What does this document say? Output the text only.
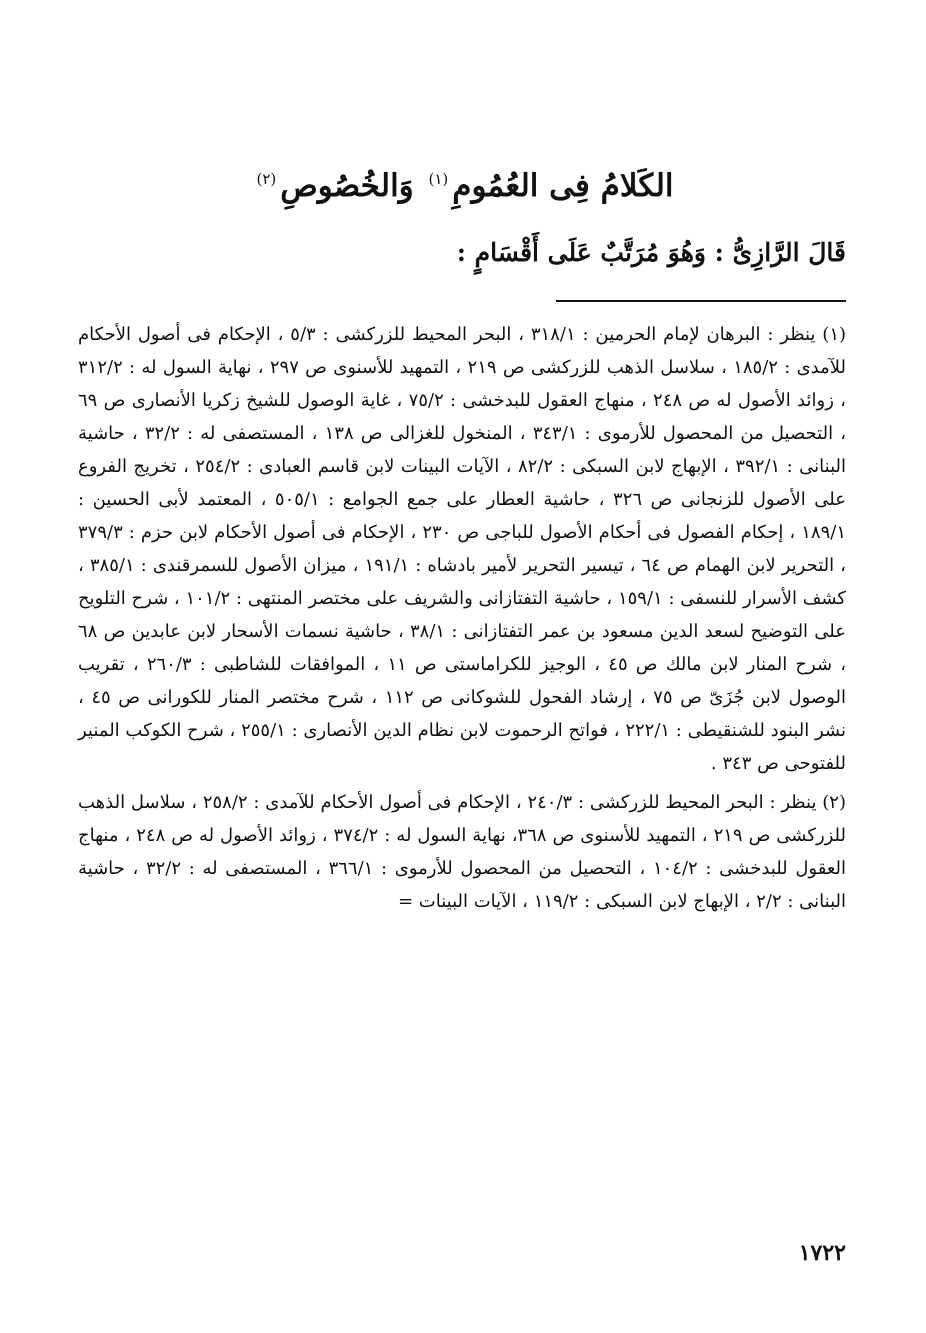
الكَلامُ فِى العُمُومِ$^{(١)}$ وَالخُصُوصِ$^{(٢)}$
قَالَ الرَّازِىُّ : وَهُوَ مُرَتَّبٌ عَلَى أَقْسَامٍ :

(١) ينظر : البرهان لإمام الحرمين : ٣١٨/١ ، البحر المحيط للزركشى : ٥/٣ ، الإحكام فى أصول الأحكام للآمدى : ١٨٥/٢ ، سلاسل الذهب للزركشى ص ٢١٩ ، التمهيد للأسنوى ص ٢٩٧ ، نهاية السول له : ٣١٢/٢ ، زوائد الأصول له ص ٢٤٨ ، منهاج العقول للبدخشى : ٧٥/٢ ، غاية الوصول للشيخ زكريا الأنصارى ص ٦٩ ، التحصيل من المحصول للأرموى : ٣٤٣/١ ، المنخول للغزالى ص ١٣٨ ، المستصفى له : ٣٢/٢ ، حاشية البنانى : ٣٩٢/١ ، الإبهاج لابن السبكى : ٨٢/٢ ، الآيات البينات لابن قاسم العبادى : ٢٥٤/٢ ، تخريج الفروع على الأصول للزنجانى ص ٣٢٦ ، حاشية العطار على جمع الجوامع : ٥٠٥/١ ، المعتمد لأبى الحسين : ١٨٩/١ ، إحكام الفصول فى أحكام الأصول للباجى ص ٢٣٠ ، الإحكام فى أصول الأحكام لابن حزم : ٣٧٩/٣ ، التحرير لابن الهمام ص ٦٤ ، تيسير التحرير لأمير بادشاه : ١٩١/١ ، ميزان الأصول للسمرقندى : ٣٨٥/١ ، كشف الأسرار للنسفى : ١٥٩/١ ، حاشية التفتازانى والشريف على مختصر المنتهى : ١٠١/٢ ، شرح التلويح على التوضيح لسعد الدين مسعود بن عمر التفتازانى : ٣٨/١ ، حاشية نسمات الأسحار لابن عابدين ص ٦٨ ، شرح المنار لابن مالك ص ٤٥ ، الوجيز للكراماستى ص ١١ ، الموافقات للشاطبى : ٢٦٠/٣ ، تقريب الوصول لابن جُزَىّ ص ٧٥ ، إرشاد الفحول للشوكانى ص ١١٢ ، شرح مختصر المنار للكورانى ص ٤٥ ، نشر البنود للشنقيطى : ٢٢٢/١ ، فواتح الرحموت لابن نظام الدين الأنصارى : ٢٥٥/١ ، شرح الكوكب المنير للفتوحى ص ٣٤٣ .

(٢) ينظر : البحر المحيط للزركشى : ٢٤٠/٣ ، الإحكام فى أصول الأحكام للآمدى : ٢٥٨/٢ ، سلاسل الذهب للزركشى ص ٢١٩ ، التمهيد للأسنوى ص ٣٦٨، نهاية السول له : ٣٧٤/٢ ، زوائد الأصول له ص ٢٤٨ ، منهاج العقول للبدخشى : ١٠٤/٢ ، التحصيل من المحصول للأرموى : ٣٦٦/١ ، المستصفى له : ٣٢/٢ ، حاشية البنانى : ٢/٢ ، الإبهاج لابن السبكى : ١١٩/٢ ، الآيات البينات =

١٧٢٢
